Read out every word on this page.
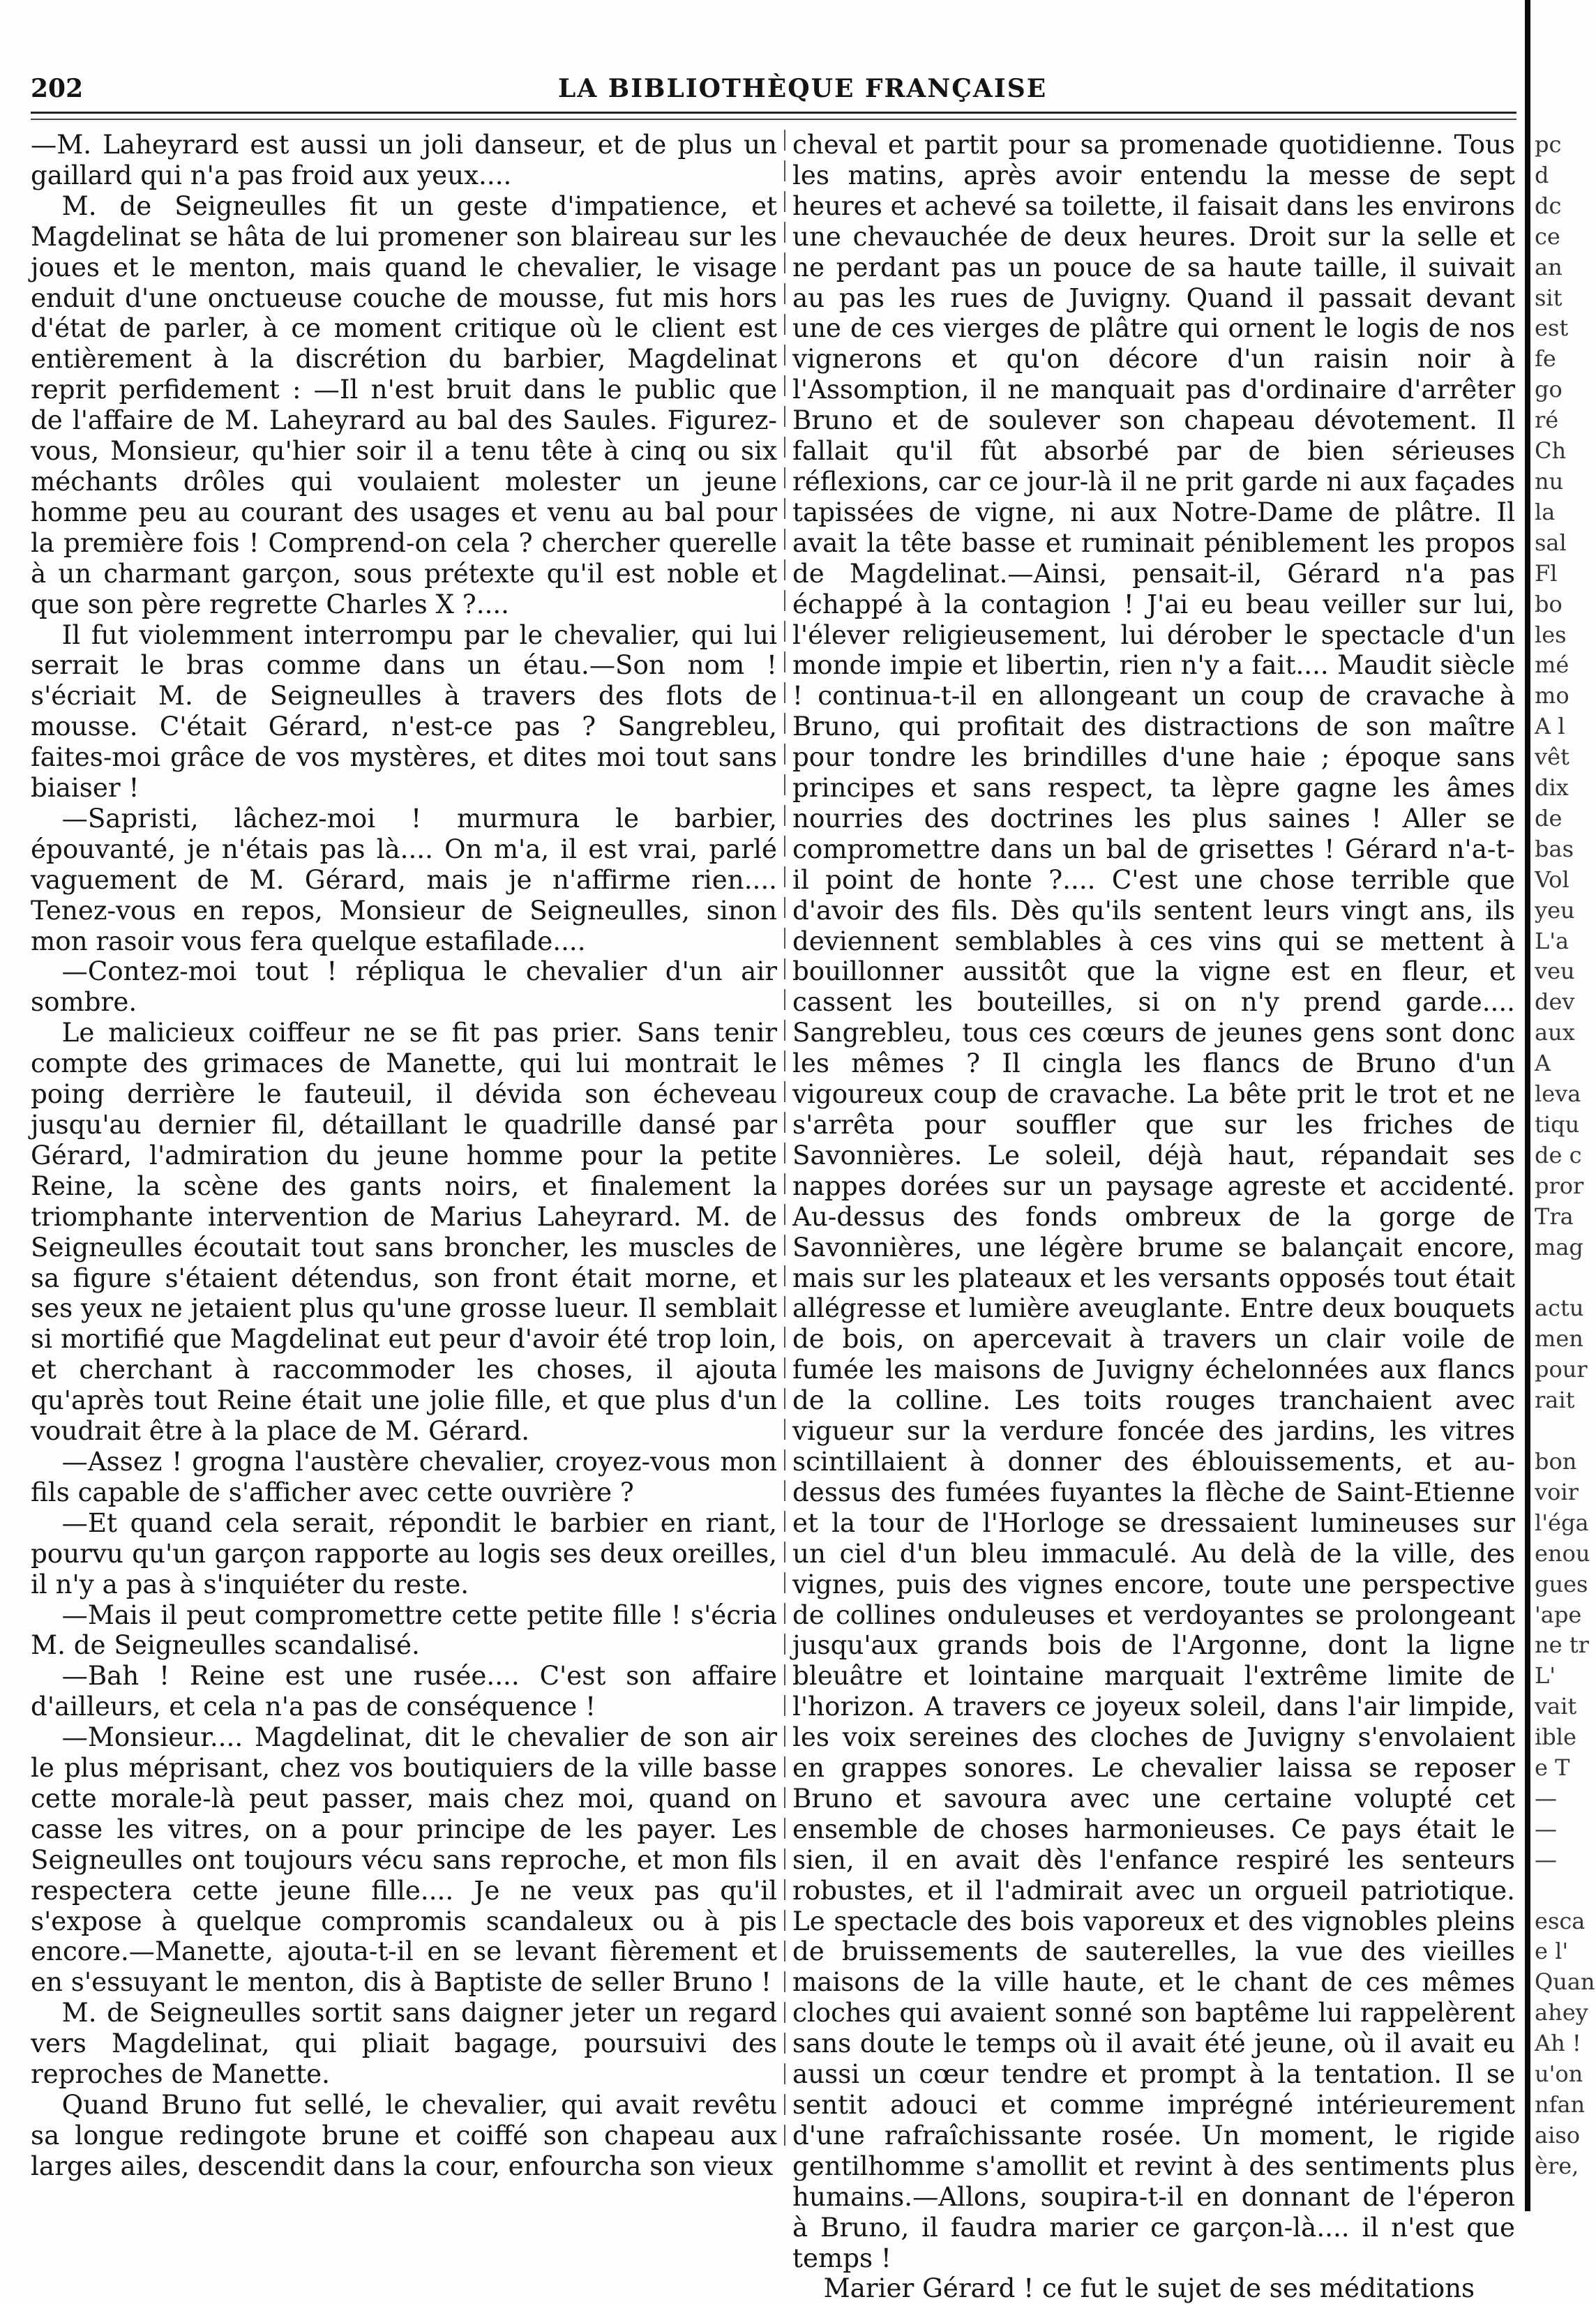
202	LA BIBLIOTHÈQUE FRANÇAISE

—M. Laheyrard est aussi un joli danseur, et de plus un gaillard qui n'a pas froid aux yeux....

M. de Seigneulles fit un geste d'impatience, et Magdelinat se hâta de lui promener son blaireau sur les joues et le menton, mais quand le chevalier, le visage enduit d'une onctueuse couche de mousse, fut mis hors d'état de parler, à ce moment critique où le client est entièrement à la discrétion du barbier, Magdelinat reprit perfidement : —Il n'est bruit dans le public que de l'affaire de M. Laheyrard au bal des Saules. Figurez-vous, Monsieur, qu'hier soir il a tenu tête à cinq ou six méchants drôles qui voulaient molester un jeune homme peu au courant des usages et venu au bal pour la première fois ! Comprend-on cela ? chercher querelle à un charmant garçon, sous prétexte qu'il est noble et que son père regrette Charles X ?....

Il fut violemment interrompu par le chevalier, qui lui serrait le bras comme dans un étau.—Son nom ! s'écriait M. de Seigneulles à travers des flots de mousse. C'était Gérard, n'est-ce pas ? Sangrebleu, faites-moi grâce de vos mystères, et dites moi tout sans biaiser !

—Sapristi, lâchez-moi ! murmura le barbier, épouvanté, je n'étais pas là.... On m'a, il est vrai, parlé vaguement de M. Gérard, mais je n'affirme rien.... Tenez-vous en repos, Monsieur de Seigneulles, sinon mon rasoir vous fera quelque estafilade....

—Contez-moi tout ! répliqua le chevalier d'un air sombre.

Le malicieux coiffeur ne se fit pas prier. Sans tenir compte des grimaces de Manette, qui lui montrait le poing derrière le fauteuil, il dévida son écheveau jusqu'au dernier fil, détaillant le quadrille dansé par Gérard, l'admiration du jeune homme pour la petite Reine, la scène des gants noirs, et finalement la triomphante intervention de Marius Laheyrard. M. de Seigneulles écoutait tout sans broncher, les muscles de sa figure s'étaient détendus, son front était morne, et ses yeux ne jetaient plus qu'une grosse lueur. Il semblait si mortifié que Magdelinat eut peur d'avoir été trop loin, et cherchant à raccommoder les choses, il ajouta qu'après tout Reine était une jolie fille, et que plus d'un voudrait être à la place de M. Gérard.

—Assez ! grogna l'austère chevalier, croyez-vous mon fils capable de s'afficher avec cette ouvrière ?

—Et quand cela serait, répondit le barbier en riant, pourvu qu'un garçon rapporte au logis ses deux oreilles, il n'y a pas à s'inquiéter du reste.

—Mais il peut compromettre cette petite fille ! s'écria M. de Seigneulles scandalisé.

—Bah ! Reine est une rusée.... C'est son affaire d'ailleurs, et cela n'a pas de conséquence !

—Monsieur.... Magdelinat, dit le chevalier de son air le plus méprisant, chez vos boutiquiers de la ville basse cette morale-là peut passer, mais chez moi, quand on casse les vitres, on a pour principe de les payer. Les Seigneulles ont toujours vécu sans reproche, et mon fils respectera cette jeune fille.... Je ne veux pas qu'il s'expose à quelque compromis scandaleux ou à pis encore.—Manette, ajouta-t-il en se levant fièrement et en s'essuyant le menton, dis à Baptiste de seller Bruno !

M. de Seigneulles sortit sans daigner jeter un regard vers Magdelinat, qui pliait bagage, poursuivi des reproches de Manette.

Quand Bruno fut sellé, le chevalier, qui avait revêtu sa longue redingote brune et coiffé son chapeau aux larges ailes, descendit dans la cour, enfourcha son vieux

cheval et partit pour sa promenade quotidienne. Tous les matins, après avoir entendu la messe de sept heures et achevé sa toilette, il faisait dans les environs une chevauchée de deux heures. Droit sur la selle et ne perdant pas un pouce de sa haute taille, il suivait au pas les rues de Juvigny. Quand il passait devant une de ces vierges de plâtre qui ornent le logis de nos vignerons et qu'on décore d'un raisin noir à l'Assomption, il ne manquait pas d'ordinaire d'arrêter Bruno et de soulever son chapeau dévotement. Il fallait qu'il fût absorbé par de bien sérieuses réflexions, car ce jour-là il ne prit garde ni aux façades tapissées de vigne, ni aux Notre-Dame de plâtre. Il avait la tête basse et ruminait péniblement les propos de Magdelinat.—Ainsi, pensait-il, Gérard n'a pas échappé à la contagion ! J'ai eu beau veiller sur lui, l'élever religieusement, lui dérober le spectacle d'un monde impie et libertin, rien n'y a fait.... Maudit siècle ! continua-t-il en allongeant un coup de cravache à Bruno, qui profitait des distractions de son maître pour tondre les brindilles d'une haie ; époque sans principes et sans respect, ta lèpre gagne les âmes nourries des doctrines les plus saines ! Aller se compromettre dans un bal de grisettes ! Gérard n'a-t-il point de honte ?.... C'est une chose terrible que d'avoir des fils. Dès qu'ils sentent leurs vingt ans, ils deviennent semblables à ces vins qui se mettent à bouillonner aussitôt que la vigne est en fleur, et cassent les bouteilles, si on n'y prend garde.... Sangrebleu, tous ces cœurs de jeunes gens sont donc les mêmes ? Il cingla les flancs de Bruno d'un vigoureux coup de cravache. La bête prit le trot et ne s'arrêta pour souffler que sur les friches de Savonnières. Le soleil, déjà haut, répandait ses nappes dorées sur un paysage agreste et accidenté. Au-dessus des fonds ombreux de la gorge de Savonnières, une légère brume se balançait encore, mais sur les plateaux et les versants opposés tout était allégresse et lumière aveuglante. Entre deux bouquets de bois, on apercevait à travers un clair voile de fumée les maisons de Juvigny échelonnées aux flancs de la colline. Les toits rouges tranchaient avec vigueur sur la verdure foncée des jardins, les vitres scintillaient à donner des éblouissements, et au-dessus des fumées fuyantes la flèche de Saint-Etienne et la tour de l'Horloge se dressaient lumineuses sur un ciel d'un bleu immaculé. Au delà de la ville, des vignes, puis des vignes encore, toute une perspective de collines onduleuses et verdoyantes se prolongeant jusqu'aux grands bois de l'Argonne, dont la ligne bleuâtre et lointaine marquait l'extrême limite de l'horizon. A travers ce joyeux soleil, dans l'air limpide, les voix sereines des cloches de Juvigny s'envolaient en grappes sonores. Le chevalier laissa se reposer Bruno et savoura avec une certaine volupté cet ensemble de choses harmonieuses. Ce pays était le sien, il en avait dès l'enfance respiré les senteurs robustes, et il l'admirait avec un orgueil patriotique. Le spectacle des bois vaporeux et des vignobles pleins de bruissements de sauterelles, la vue des vieilles maisons de la ville haute, et le chant de ces mêmes cloches qui avaient sonné son baptême lui rappelèrent sans doute le temps où il avait été jeune, où il avait eu aussi un cœur tendre et prompt à la tentation. Il se sentit adouci et comme imprégné intérieurement d'une rafraîchissante rosée. Un moment, le rigide gentilhomme s'amollit et revint à des sentiments plus humains.—Allons, soupira-t-il en donnant de l'éperon à Bruno, il faudra marier ce garçon-là.... il n'est que temps !

Marier Gérard ! ce fut le sujet de ses méditations

pc
d
dc
ce
an
sit
est
fe
go
ré
Ch
nu
la
sal
Fl
bo
les
mé
mo
A l
vêt
dix
de
bas
Vol
yeu
L'a
veu
dev
aux
A
leva
tiqu
de c
pror
Tra
mag

actu
men
pour
rait

bon
voir
l'éga
enou
gues
'ape
ne tr
L'
vait
ible
e T
—
—
—

esca
e l'
Quan
ahey
Ah !
u'on
nfan
aiso
ère,
